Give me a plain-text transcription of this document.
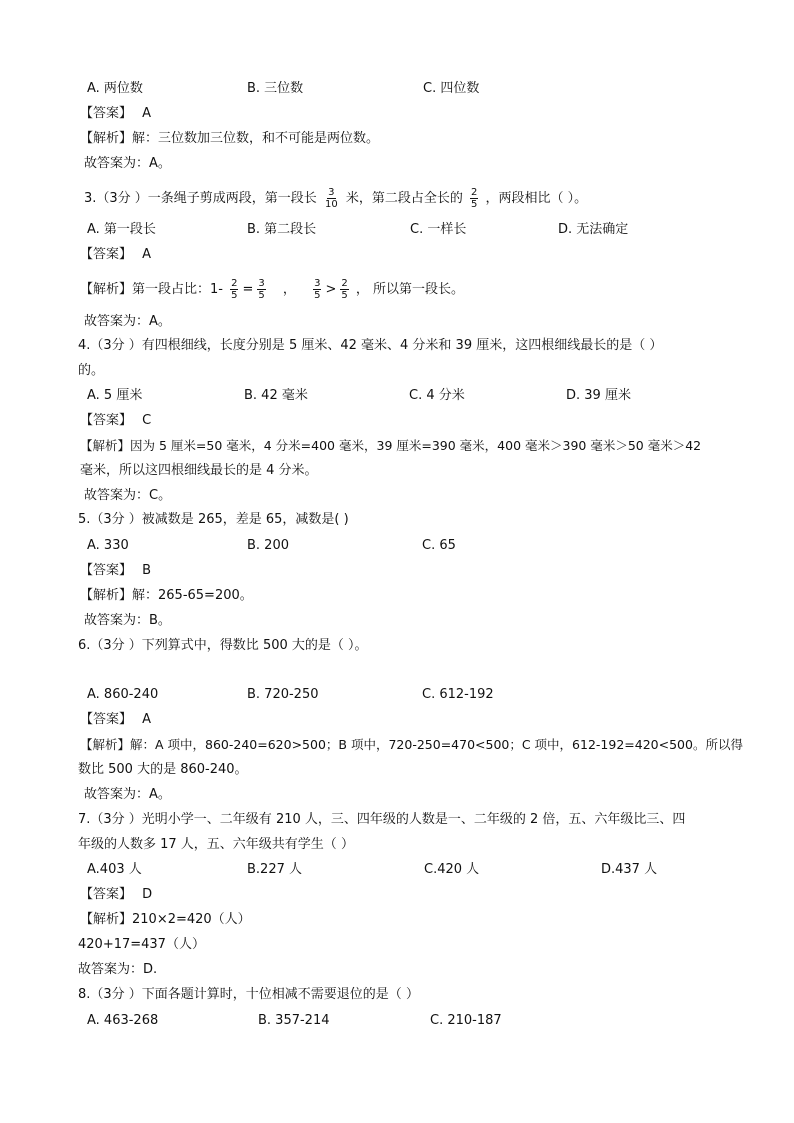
A. 两位数	B. 三位数	C. 四位数
【答案】 A
【解析】解：三位数加三位数，和不可能是两位数。
故答案为：A。
3.（3分 ）一条绳子剪成两段，第一段长 $\frac{3}{10}$ 米，第二段占全长的 $\frac{2}{5}$ ，两段相比（ ）。
A. 第一段长	B. 第二段长	C. 一样长	D. 无法确定
【答案】 A
【解析】第一段占比：$1- \frac{2}{5} = \frac{3}{5}$ ， $\frac{3}{5} > \frac{2}{5}$ ， 所以第一段长。
故答案为：A。
4.（3分 ）有四根细线，长度分别是 5 厘米、42 毫米、4 分米和 39 厘米，这四根细线最长的是（ ）
的。
A. 5 厘米	B. 42 毫米	C. 4 分米	D. 39 厘米
【答案】 C
【解析】因为 5 厘米=50 毫米，4 分米=400 毫米，39 厘米=390 毫米，400 毫米＞390 毫米＞50 毫米＞42
毫米，所以这四根细线最长的是 4 分米。
故答案为：C。
5.（3分 ）被减数是 265，差是 65，减数是( )
A. 330	B. 200	C. 65
【答案】 B
【解析】解：265-65=200。
故答案为：B。
6.（3分 ）下列算式中，得数比 500 大的是（ ）。
A. 860-240	B. 720-250	C. 612-192
【答案】 A
【解析】解：A 项中，860-240=620>500；B 项中，720-250=470<500；C 项中，612-192=420<500。所以得
数比 500 大的是 860-240。
故答案为：A。
7.（3分 ）光明小学一、二年级有 210 人，三、四年级的人数是一、二年级的 2 倍，五、六年级比三、四
年级的人数多 17 人，五、六年级共有学生（ ）
A.403 人	B.227 人	C.420 人	D.437 人
【答案】 D
【解析】210×2=420（人）
420+17=437（人）
故答案为：D.
8.（3分 ）下面各题计算时，十位相减不需要退位的是（ ）
A. 463-268	B. 357-214	C. 210-187
